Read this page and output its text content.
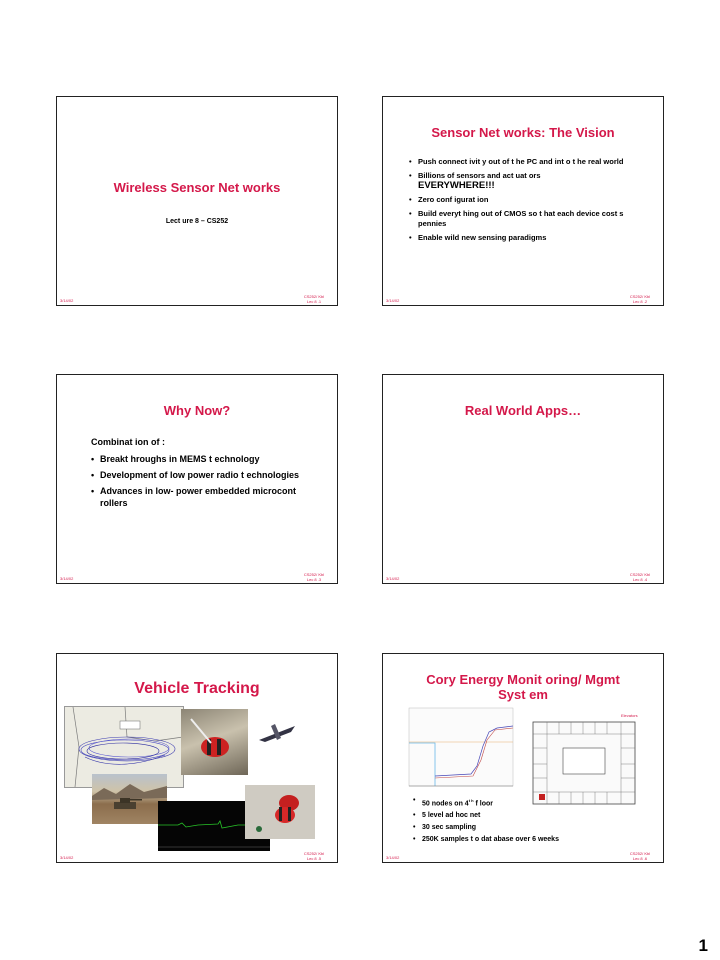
Wireless Sensor Net works
Lect ure 8 – CS252
3/14/02
CS252/ Kbl
Lec 8 .1
Sensor Net works: The Vision
• Push connect ivit y out of t he PC and int o t he real world
• Billions of sensors and act uat ors
EVERYWHERE!!!
• Zero conf igurat ion
• Build everyt hing out of CMOS so t hat each device cost s pennies
• Enable wild new sensing paradigms
3/14/02
CS252/ Kbl
Lec 8 .2
Why Now?
Combinat ion of :
• Breakt hroughs in MEMS t echnology
• Development of low power radio t echnologies
• Advances in low- power embedded microcont rollers
3/14/02
CS252/ Kbl
Lec 8 .3
Real World Apps…
3/14/02
CS252/ Kbl
Lec 8 .4
Vehicle Tracking
3/14/02
CS252/ Kbl
Lec 8 .5
Cory Energy Monit oring/ Mgmt
Syst em
Elevators
• 50 nodes on $4^{t h}$ f loor
• 5 level ad hoc net
• 30 sec sampling
• 250K samples t o dat abase over 6 weeks
3/14/02
CS252/ Kbl
Lec 8 .6
1
